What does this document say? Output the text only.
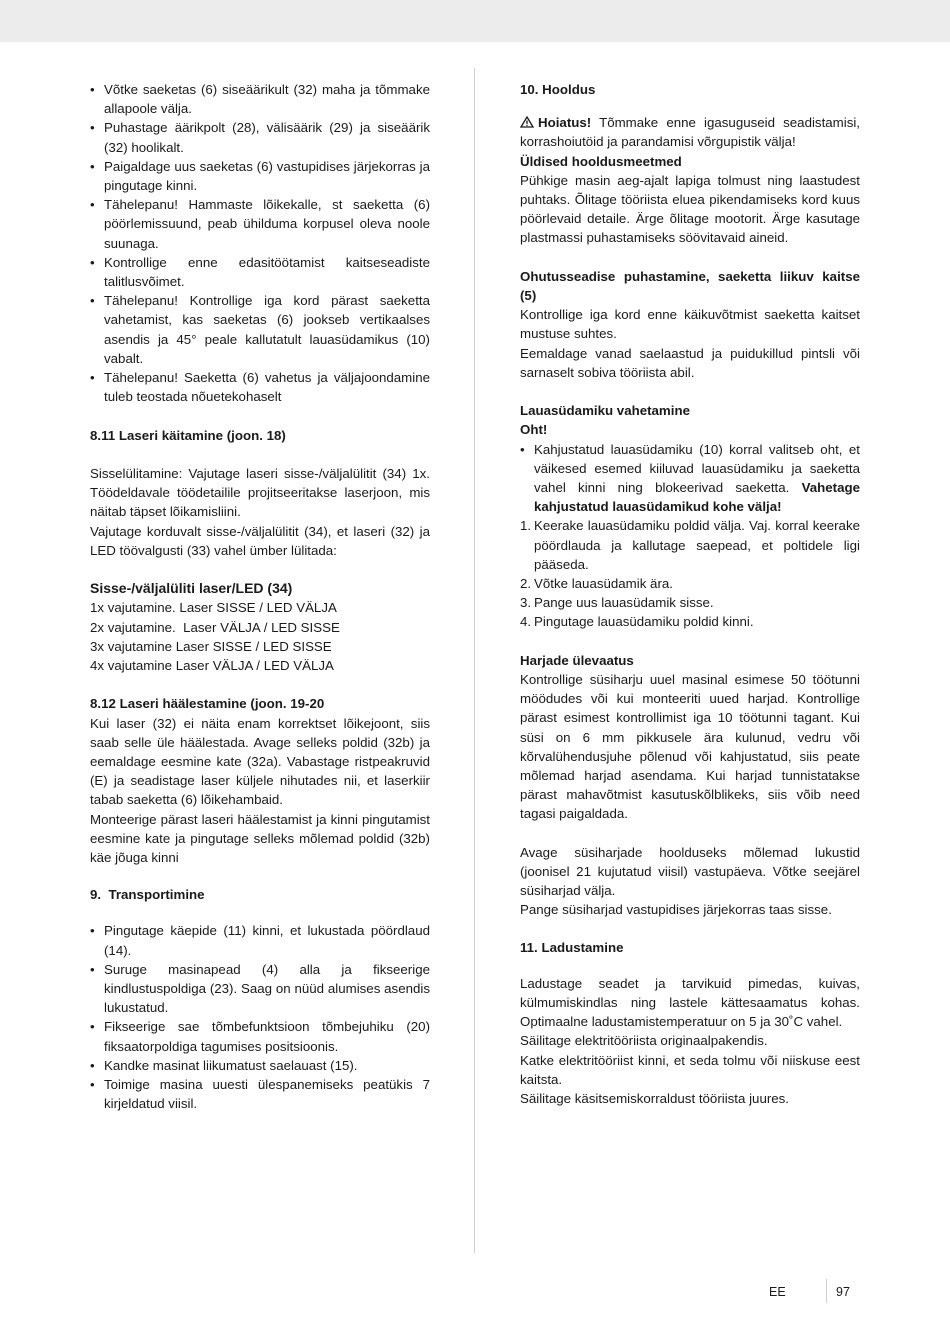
• Võtke saeketas (6) siseäärikult (32) maha ja tõmmake allapoole välja.
• Puhastage äärikpolt (28), välisäärik (29) ja siseäärik (32) hoolikalt.
• Paigaldage uus saeketas (6) vastupidises järjekorras ja pingutage kinni.
• Tähelepanu! Hammaste lõikekalle, st saeketta (6) pöörlemissuund, peab ühilduma korpusel oleva noole suunaga.
• Kontrollige enne edasitöötamist kaitseseadiste talitlusvõimet.
• Tähelepanu! Kontrollige iga kord pärast saeketta vahetamist, kas saeketas (6) jookseb vertikaalses asendis ja 45° peale kallutatult lauasüdamikus (10) vabalt.
• Tähelepanu! Saeketta (6) vahetus ja väljajoondamine tuleb teostada nõuetekohaselt

8.11 Laseri käitamine (joon. 18)

Sisselülitamine: Vajutage laseri sisse-/väljalülitit (34) 1x. Töödeldavale töödetailile projitseeritakse laserjoon, mis näitab täpset lõikamisliini.

Vajutage korduvalt sisse-/väljalülitit (34), et laseri (32) ja LED töövalgusti (33) vahel ümber lülitada:

Sisse-/väljalüliti laser/LED (34)

1x vajutamine. Laser SISSE / LED VÄLJA

2x vajutamine.  Laser VÄLJA / LED SISSE

3x vajutamine Laser SISSE / LED SISSE

4x vajutamine Laser VÄLJA / LED VÄLJA

8.12 Laseri häälestamine (joon. 19-20

Kui laser (32) ei näita enam korrektset lõikejoont, siis saab selle üle häälestada. Avage selleks poldid (32b) ja eemaldage eesmine kate (32a). Vabastage ristpeakruvid (E) ja seadistage laser küljele nihutades nii, et laserkiir tabab saeketta (6) lõikehambaid.

Monteerige pärast laseri häälestamist ja kinni pingutamist eesmine kate ja pingutage selleks mõlemad poldid (32b) käe jõuga kinni

9.  Transportimine

• Pingutage käepide (11) kinni, et lukustada pöördlaud (14).
• Suruge masinapead (4) alla ja fikseerige kindlustuspoldiga (23). Saag on nüüd alumises asendis lukustatud.
• Fikseerige sae tõmbefunktsioon tõmbejuhiku (20) fiksaatorpoldiga tagumises positsioonis.
• Kandke masinat liikumatust saelauast (15).
• Toimige masina uuesti ülespanemiseks peatükis 7 kirjeldatud viisil.

10. Hooldus

Hoiatus! Tõmmake enne igasuguseid seadistamisi, korrashoiutöid ja parandamisi võrgupistik välja!

Üldised hooldusmeetmed

Pühkige masin aeg-ajalt lapiga tolmust ning laastudest puhtaks. Õlitage tööriista eluea pikendamiseks kord kuus pöörlevaid detaile. Ärge õlitage mootorit. Ärge kasutage plastmassi puhastamiseks söövitavaid aineid.

Ohutusseadise puhastamine, saeketta liikuv kaitse (5)

Kontrollige iga kord enne käikuvõtmist saeketta kaitset mustuse suhtes.

Eemaldage vanad saelaastud ja puidukillud pintsli või sarnaselt sobiva tööriista abil.

Lauasüdamiku vahetamine

Oht!

• Kahjustatud lauasüdamiku (10) korral valitseb oht, et väikesed esemed kiiluvad lauasüdamiku ja saeketta vahel kinni ning blokeerivad saeketta. Vahetage kahjustatud lauasüdamikud kohe välja!
1. Keerake lauasüdamiku poldid välja. Vaj. korral keerake pöördlauda ja kallutage saepead, et poltidele ligi pääseda.
2. Võtke lauasüdamik ära.
3. Pange uus lauasüdamik sisse.
4. Pingutage lauasüdamiku poldid kinni.

Harjade ülevaatus

Kontrollige süsiharju uuel masinal esimese 50 töötunni möödudes või kui monteeriti uued harjad. Kontrollige pärast esimest kontrollimist iga 10 töötunni tagant. Kui süsi on 6 mm pikkusele ära kulunud, vedru või kõrvalühendusjuhe põlenud või kahjustatud, siis peate mõlemad harjad asendama. Kui harjad tunnistatakse pärast mahavõtmist kasutuskõlblikeks, siis võib need tagasi paigaldada.

Avage süsiharjade hoolduseks mõlemad lukustid (joonisel 21 kujutatud viisil) vastupäeva. Võtke seejärel süsiharjad välja.

Pange süsiharjad vastupidises järjekorras taas sisse.

11. Ladustamine

Ladustage seadet ja tarvikuid pimedas, kuivas, külmumiskindlas ning lastele kättesaamatus kohas. Optimaalne ladustamistemperatuur on 5 ja 30˚C vahel.

Säilitage elektritööriista originaalpakendis.

Katke elektritööriist kinni, et seda tolmu või niiskuse eest kaitsta.

Säilitage käsitsemiskorraldust tööriista juures.

EE	97
